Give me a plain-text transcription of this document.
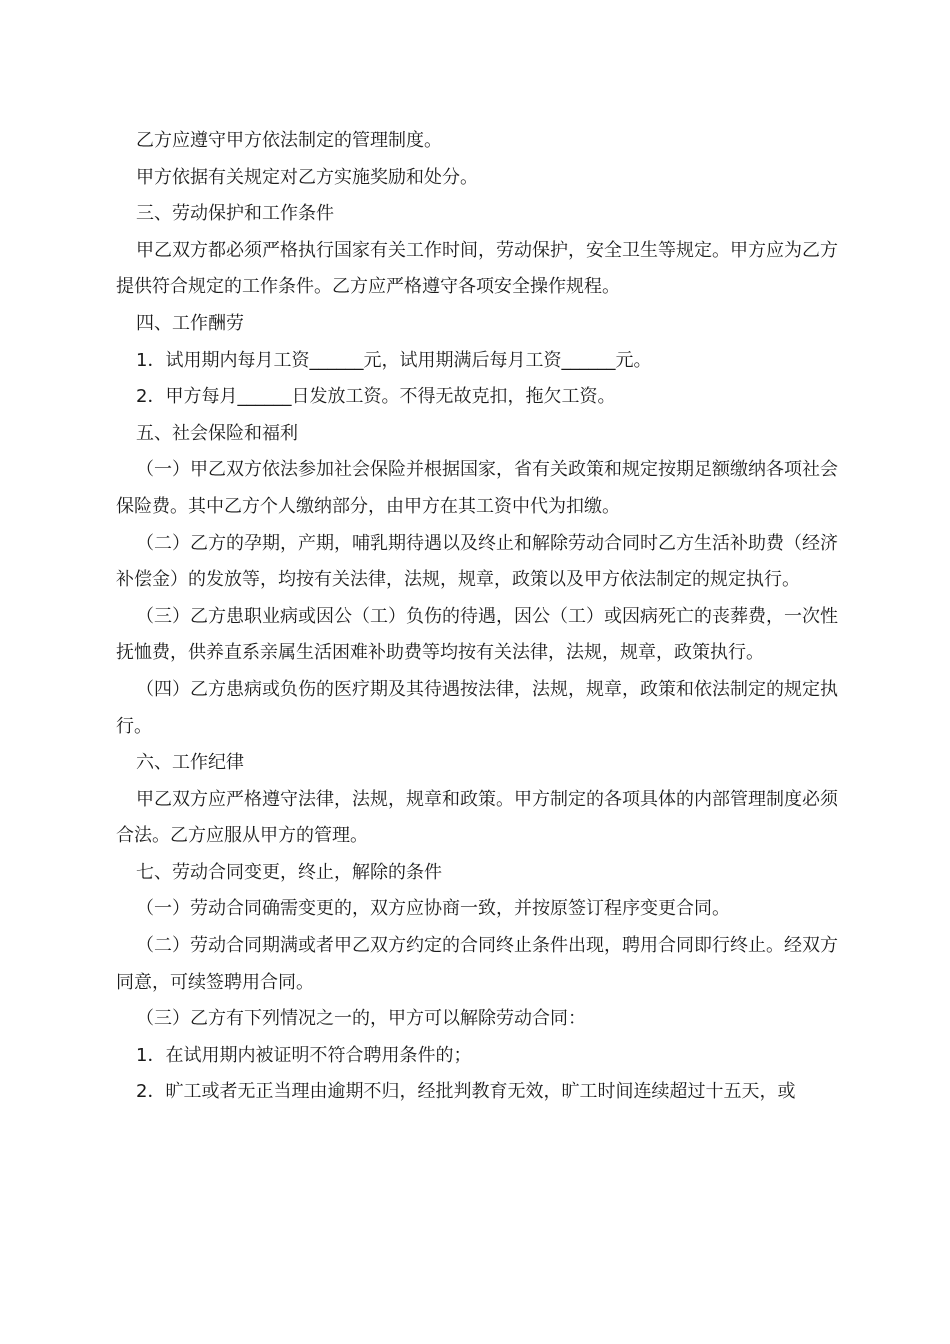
乙方应遵守甲方依法制定的管理制度。

甲方依据有关规定对乙方实施奖励和处分。

三、劳动保护和工作条件

甲乙双方都必须严格执行国家有关工作时间，劳动保护，安全卫生等规定。甲方应为乙方提供符合规定的工作条件。乙方应严格遵守各项安全操作规程。

四、工作酬劳

1．试用期内每月工资______元，试用期满后每月工资______元。

2．甲方每月______日发放工资。不得无故克扣，拖欠工资。

五、社会保险和福利

（一）甲乙双方依法参加社会保险并根据国家，省有关政策和规定按期足额缴纳各项社会保险费。其中乙方个人缴纳部分，由甲方在其工资中代为扣缴。

（二）乙方的孕期，产期，哺乳期待遇以及终止和解除劳动合同时乙方生活补助费（经济补偿金）的发放等，均按有关法律，法规，规章，政策以及甲方依法制定的规定执行。

（三）乙方患职业病或因公（工）负伤的待遇，因公（工）或因病死亡的丧葬费，一次性抚恤费，供养直系亲属生活困难补助费等均按有关法律，法规，规章，政策执行。

（四）乙方患病或负伤的医疗期及其待遇按法律，法规，规章，政策和依法制定的规定执行。

六、工作纪律

甲乙双方应严格遵守法律，法规，规章和政策。甲方制定的各项具体的内部管理制度必须合法。乙方应服从甲方的管理。

七、劳动合同变更，终止，解除的条件

（一）劳动合同确需变更的，双方应协商一致，并按原签订程序变更合同。

（二）劳动合同期满或者甲乙双方约定的合同终止条件出现，聘用合同即行终止。经双方同意，可续签聘用合同。

（三）乙方有下列情况之一的，甲方可以解除劳动合同：

1．在试用期内被证明不符合聘用条件的；

2．旷工或者无正当理由逾期不归，经批判教育无效，旷工时间连续超过十五天，或
